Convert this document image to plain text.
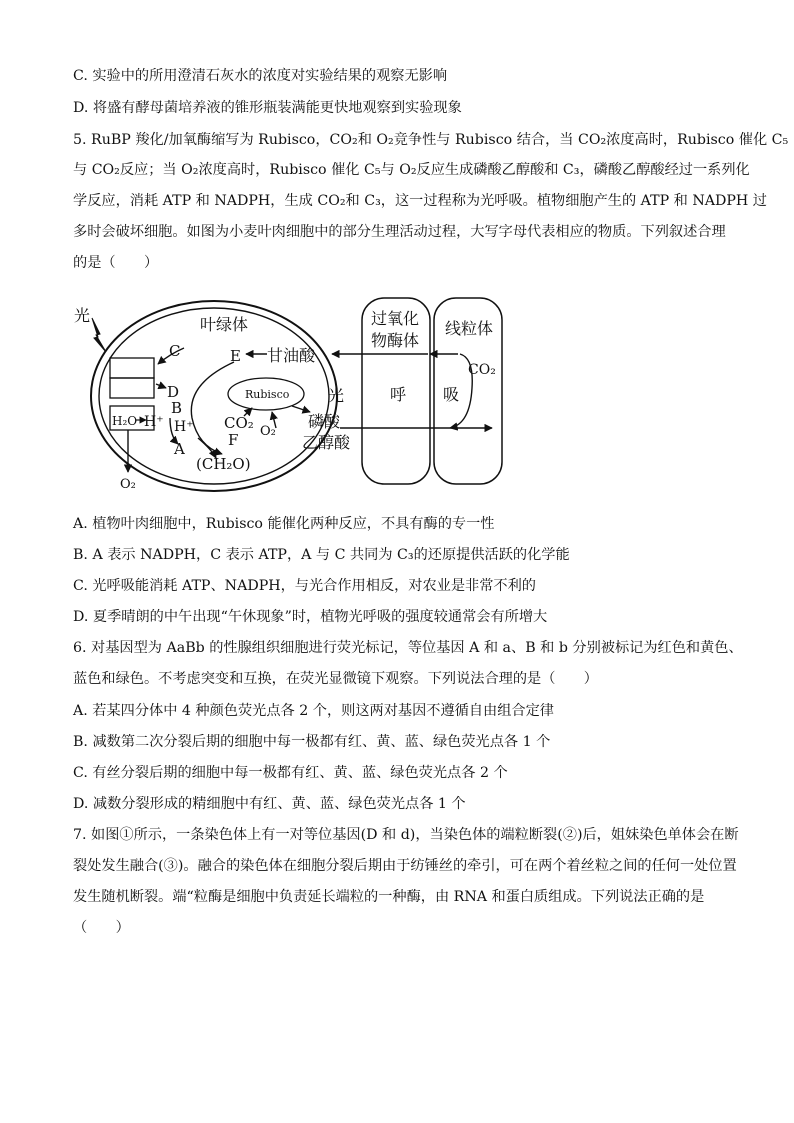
C. 实验中的所用澄清石灰水的浓度对实验结果的观察无影响
D. 将盛有酵母菌培养液的锥形瓶装满能更快地观察到实验现象
5. RuBP 羧化/加氧酶缩写为 Rubisco，CO₂和 O₂竞争性与 Rubisco 结合，当 CO₂浓度高时，Rubisco 催化 C₅
与 CO₂反应；当 O₂浓度高时，Rubisco 催化 C₅与 O₂反应生成磷酸乙醇酸和 C₃，磷酸乙醇酸经过一系列化
学反应，消耗 ATP 和 NADPH，生成 CO₂和 C₃，这一过程称为光呼吸。植物细胞产生的 ATP 和 NADPH 过
多时会破坏细胞。如图为小麦叶肉细胞中的部分生理活动过程，大写字母代表相应的物质。下列叙述合理
的是（　　）
光	叶绿体	过氧化
物酶体
线粒体
Rubisco
甘油酸
E
C
D
B
A	F
H₂O H⁺ H⁺ CO₂ O₂
O₂
(CH₂O)
CO₂
磷酸
乙醇酸
光	呼 吸
A. 植物叶肉细胞中，Rubisco 能催化两种反应，不具有酶的专一性
B. A 表示 NADPH，C 表示 ATP，A 与 C 共同为 C₃的还原提供活跃的化学能
C. 光呼吸能消耗 ATP、NADPH，与光合作用相反，对农业是非常不利的
D. 夏季晴朗的中午出现“午休现象”时，植物光呼吸的强度较通常会有所增大
6. 对基因型为 AaBb 的性腺组织细胞进行荧光标记，等位基因 A 和 a、B 和 b 分别被标记为红色和黄色、
蓝色和绿色。不考虑突变和互换，在荧光显微镜下观察。下列说法合理的是（　　）
A. 若某四分体中 4 种颜色荧光点各 2 个，则这两对基因不遵循自由组合定律
B. 减数第二次分裂后期的细胞中每一极都有红、黄、蓝、绿色荧光点各 1 个
C. 有丝分裂后期的细胞中每一极都有红、黄、蓝、绿色荧光点各 2 个
D. 减数分裂形成的精细胞中有红、黄、蓝、绿色荧光点各 1 个
7. 如图①所示，一条染色体上有一对等位基因(D 和 d)，当染色体的端粒断裂(②)后，姐妹染色单体会在断
裂处发生融合(③)。融合的染色体在细胞分裂后期由于纺锤丝的牵引，可在两个着丝粒之间的任何一处位置
发生随机断裂。端“粒酶是细胞中负责延长端粒的一种酶，由 RNA 和蛋白质组成。下列说法正确的是
（　　）
